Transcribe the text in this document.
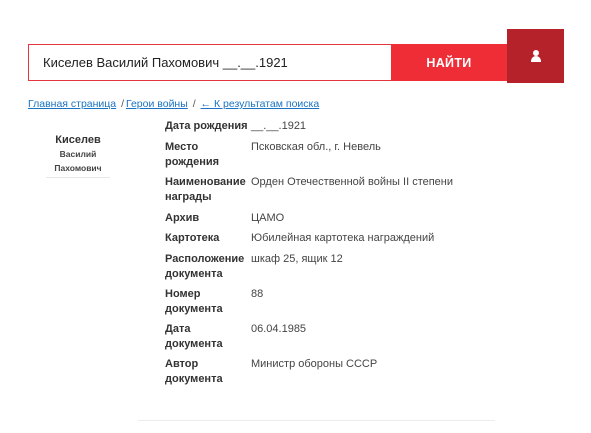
Киселев Василий Пахомович __.__.1921
НАЙТИ
Главная страница / Герои войны / ← К результатам поиска
Киселев
Василий
Пахомович
Дата рождения __.__.1921
Место рождения
Псковская обл., г. Невель
Наименование награды
Орден Отечественной войны II степени
Архив	ЦАМО
Картотека	Юбилейная картотека награждений
Расположение документа
шкаф 25, ящик 12
Номер документа
88
Дата документа
06.04.1985
Автор документа
Министр обороны СССР
